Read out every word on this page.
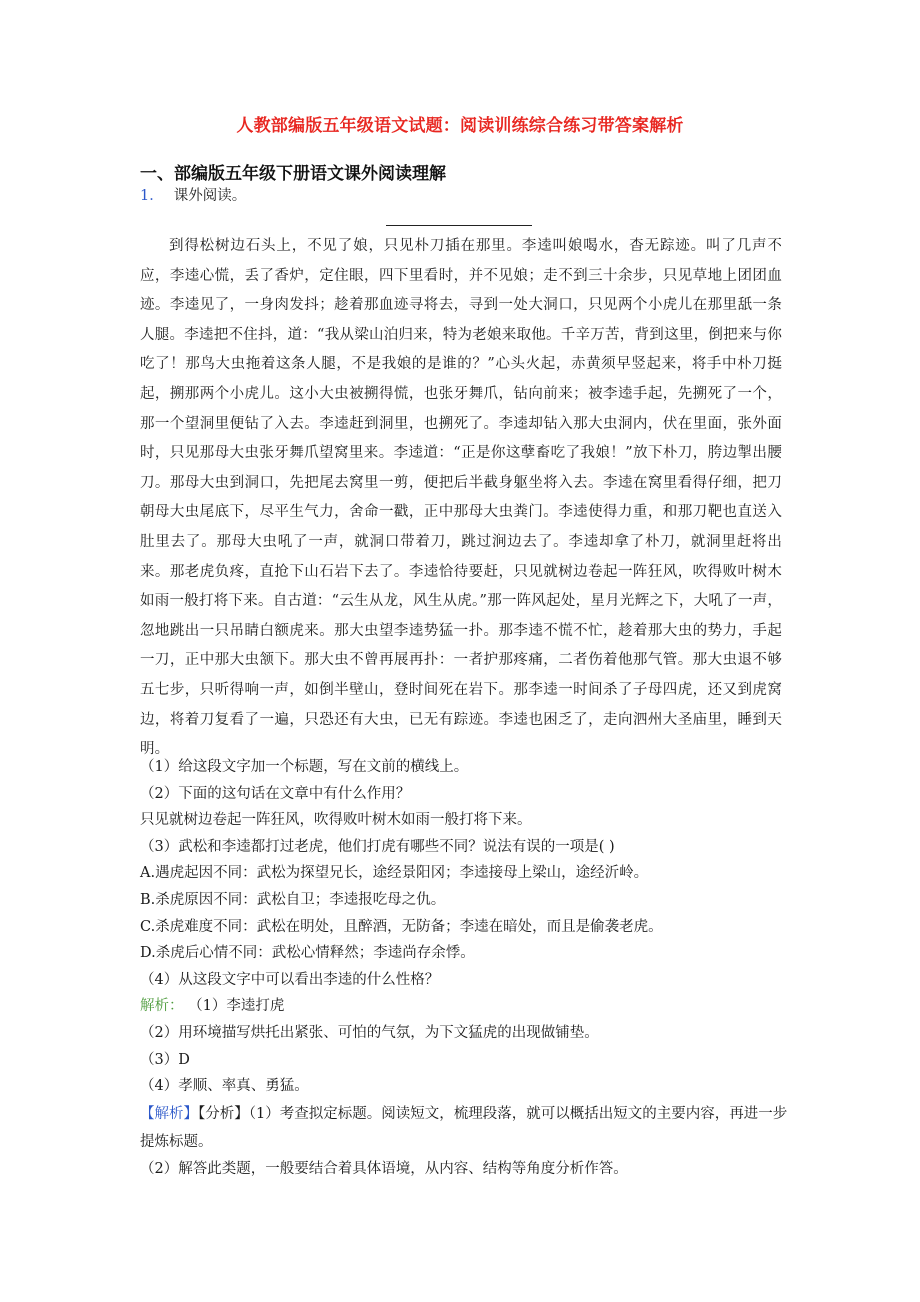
人教部编版五年级语文试题：阅读训练综合练习带答案解析
一、部编版五年级下册语文课外阅读理解
1． 课外阅读。
到得松树边石头上，不见了娘，只见朴刀插在那里。李逵叫娘喝水，杳无踪迹。叫了几声不应，李逵心慌，丢了香炉，定住眼，四下里看时，并不见娘；走不到三十余步，只见草地上团团血迹。李逵见了，一身肉发抖；趁着那血迹寻将去，寻到一处大洞口，只见两个小虎儿在那里舐一条人腿。李逵把不住抖，道：“我从梁山泊归来，特为老娘来取他。千辛万苦，背到这里，倒把来与你吃了！那鸟大虫拖着这条人腿，不是我娘的是谁的？”心头火起，赤黄须早竖起来，将手中朴刀挺起，搠那两个小虎儿。这小大虫被搠得慌，也张牙舞爪，钻向前来；被李逵手起，先搠死了一个，那一个望洞里便钻了入去。李逵赶到洞里，也搠死了。李逵却钻入那大虫洞内，伏在里面，张外面时，只见那母大虫张牙舞爪望窝里来。李逵道：“正是你这孽畜吃了我娘！”放下朴刀，胯边掣出腰刀。那母大虫到洞口，先把尾去窝里一剪，便把后半截身躯坐将入去。李逵在窝里看得仔细，把刀朝母大虫尾底下，尽平生气力，舍命一戳，正中那母大虫粪门。李逵使得力重，和那刀靶也直送入肚里去了。那母大虫吼了一声，就洞口带着刀，跳过涧边去了。李逵却拿了朴刀，就洞里赶将出来。那老虎负疼，直抢下山石岩下去了。李逵恰待要赶，只见就树边卷起一阵狂风，吹得败叶树木如雨一般打将下来。自古道：“云生从龙，风生从虎。”那一阵风起处，星月光辉之下，大吼了一声，忽地跳出一只吊睛白额虎来。那大虫望李逵势猛一扑。那李逵不慌不忙，趁着那大虫的势力，手起一刀，正中那大虫颔下。那大虫不曾再展再扑：一者护那疼痛，二者伤着他那气管。那大虫退不够五七步，只听得响一声，如倒半壁山，登时间死在岩下。那李逵一时间杀了子母四虎，还又到虎窝边，将着刀复看了一遍，只恐还有大虫，已无有踪迹。李逵也困乏了，走向泗州大圣庙里，睡到天明。
（1）给这段文字加一个标题，写在文前的横线上。
（2）下面的这句话在文章中有什么作用？
只见就树边卷起一阵狂风，吹得败叶树木如雨一般打将下来。
（3）武松和李逵都打过老虎，他们打虎有哪些不同？说法有误的一项是( )
A.遇虎起因不同：武松为探望兄长，途经景阳冈；李逵接母上梁山，途经沂岭。
B.杀虎原因不同：武松自卫；李逵报吃母之仇。
C.杀虎难度不同：武松在明处，且醉酒，无防备；李逵在暗处，而且是偷袭老虎。
D.杀虎后心情不同：武松心情释然；李逵尚存余悸。
（4）从这段文字中可以看出李逵的什么性格？
解析： （1）李逵打虎
（2）用环境描写烘托出紧张、可怕的气氛，为下文猛虎的出现做铺垫。
（3）D
（4）孝顺、率真、勇猛。
【解析】【分析】（1）考查拟定标题。阅读短文，梳理段落，就可以概括出短文的主要内容，再进一步提炼标题。
（2）解答此类题，一般要结合着具体语境，从内容、结构等角度分析作答。
